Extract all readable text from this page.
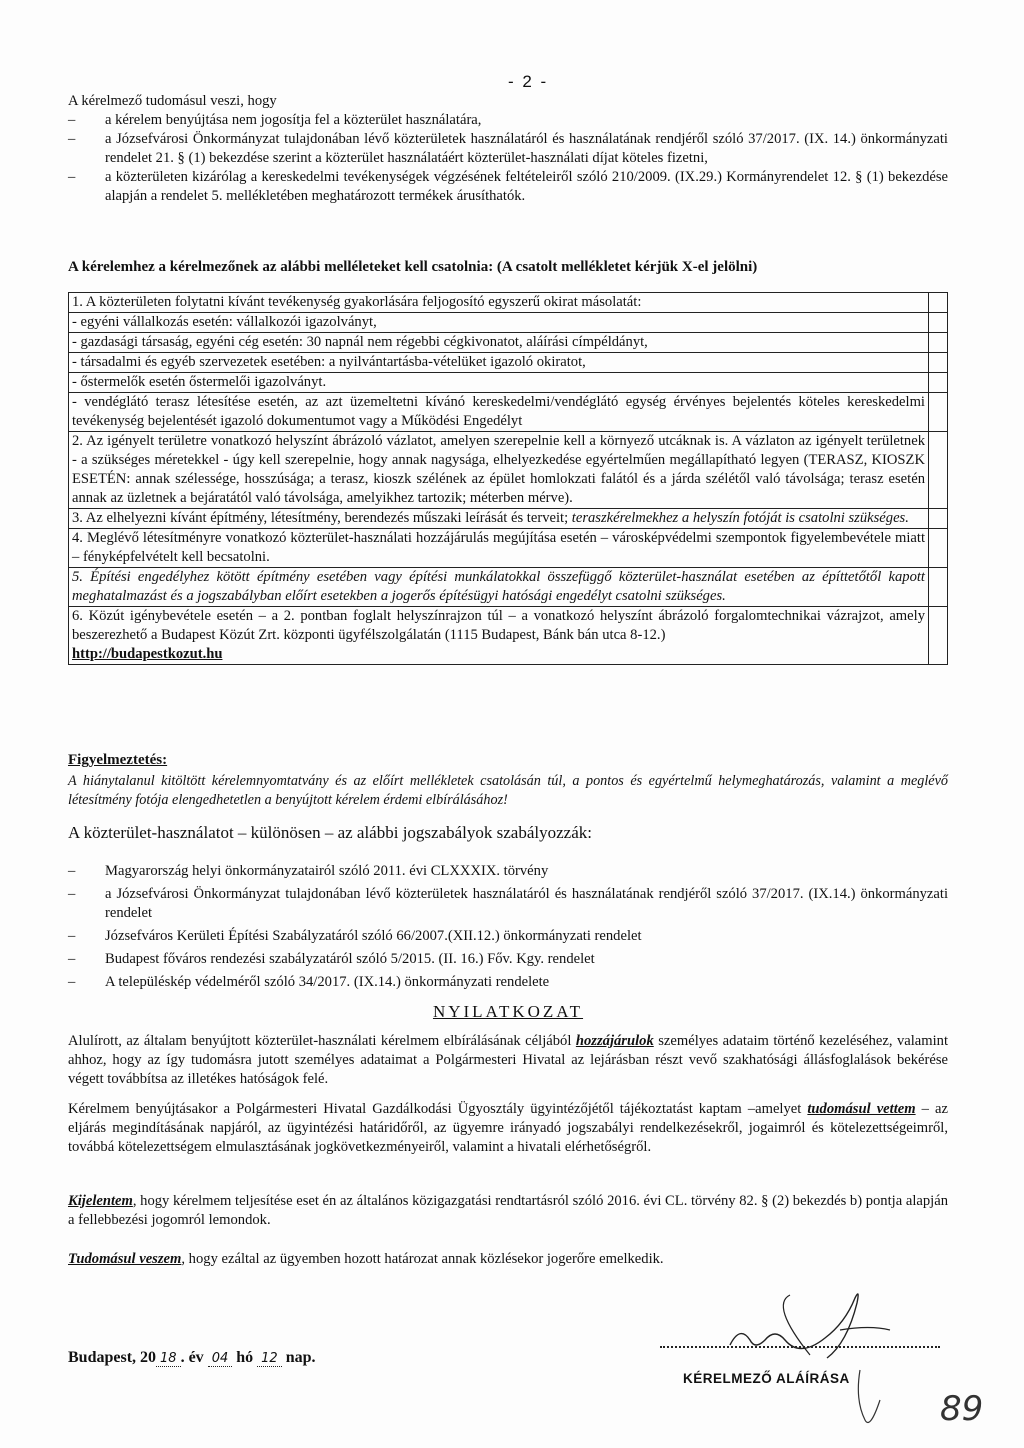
- 2 -
A kérelmező tudomásul veszi, hogy
– a kérelem benyújtása nem jogosítja fel a közterület használatára,
– a Józsefvárosi Önkormányzat tulajdonában lévő közterületek használatáról és használatának rendjéről szóló 37/2017. (IX. 14.) önkormányzati rendelet 21. § (1) bekezdése szerint a közterület használatáért közterület-használati díjat köteles fizetni,
– a közterületen kizárólag a kereskedelmi tevékenységek végzésének feltételeiről szóló 210/2009. (IX.29.) Kormányrendelet 12. § (1) bekezdése alapján a rendelet 5. mellékletében meghatározott termékek árusíthatók.
A kérelemhez a kérelmezőnek az alábbi melléleteket kell csatolnia: (A csatolt mellékletet kérjük X-el jelölni)
1. A közterületen folytatni kívánt tevékenység gyakorlására feljogosító egyszerű okirat másolatát:	
- egyéni vállalkozás esetén: vállalkozói igazolványt,	
- gazdasági társaság, egyéni cég esetén: 30 napnál nem régebbi cégkivonatot, aláírási címpéldányt,	
- társadalmi és egyéb szervezetek esetében: a nyilvántartásba-vételüket igazoló okiratot,	
- őstermelők esetén őstermelői igazolványt.	
- vendéglátó terasz létesítése esetén, az azt üzemeltetni kívánó kereskedelmi/vendéglátó egység érvényes bejelentés köteles kereskedelmi tevékenység bejelentését igazoló dokumentumot vagy a Működési Engedélyt	
2. Az igényelt területre vonatkozó helyszínt ábrázoló vázlatot, amelyen szerepelnie kell a környező utcáknak is. A vázlaton az igényelt területnek - a szükséges méretekkel - úgy kell szerepelnie, hogy annak nagysága, elhelyezkedése egyértelműen megállapítható legyen (TERASZ, KIOSZK ESETÉN: annak szélessége, hosszúsága; a terasz, kioszk szélének az épület homlokzati falától és a járda szélétől való távolsága; terasz esetén annak az üzletnek a bejáratától való távolsága, amelyikhez tartozik; méterben mérve).	
3. Az elhelyezni kívánt építmény, létesítmény, berendezés műszaki leírását és terveit; teraszkérelmekhez a helyszín fotóját is csatolni szükséges.	
4. Meglévő létesítményre vonatkozó közterület-használati hozzájárulás megújítása esetén – városképvédelmi szempontok figyelembevétele miatt – fényképfelvételt kell becsatolni.	
5. Építési engedélyhez kötött építmény esetében vagy építési munkálatokkal összefüggő közterület-használat esetében az építtetőtől kapott meghatalmazást és a jogszabályban előírt esetekben a jogerős építésügyi hatósági engedélyt csatolni szükséges.	
6. Közút igénybevétele esetén – a 2. pontban foglalt helyszínrajzon túl – a vonatkozó helyszínt ábrázoló forgalomtechnikai vázrajzot, amely beszerezhető a Budapest Közút Zrt. központi ügyfélszolgálatán (1115 Budapest, Bánk bán utca 8-12.)
http://budapestkozut.hu	
Figyelmeztetés:
A hiánytalanul kitöltött kérelemnyomtatvány és az előírt mellékletek csatolásán túl, a pontos és egyértelmű helymeghatározás, valamint a meglévő létesítmény fotója elengedhetetlen a benyújtott kérelem érdemi elbírálásához!
A közterület-használatot – különösen – az alábbi jogszabályok szabályozzák:
– Magyarország helyi önkormányzatairól szóló 2011. évi CLXXXIX. törvény
– a Józsefvárosi Önkormányzat tulajdonában lévő közterületek használatáról és használatának rendjéről szóló 37/2017. (IX.14.) önkormányzati rendelet
– Józsefváros Kerületi Építési Szabályzatáról szóló 66/2007.(XII.12.) önkormányzati rendelet
– Budapest főváros rendezési szabályzatáról szóló 5/2015. (II. 16.) Főv. Kgy. rendelet
– A településkép védelméről szóló 34/2017. (IX.14.) önkormányzati rendelete
NYILATKOZAT
Alulírott, az általam benyújtott közterület-használati kérelmem elbírálásának céljából hozzájárulok személyes adataim történő kezeléséhez, valamint ahhoz, hogy az így tudomásra jutott személyes adataimat a Polgármesteri Hivatal az lejárásban részt vevő szakhatósági állásfoglalások bekérése végett továbbítsa az illetékes hatóságok felé.
Kérelmem benyújtásakor a Polgármesteri Hivatal Gazdálkodási Ügyosztály ügyintézőjétől tájékoztatást kaptam –amelyet tudomásul vettem – az eljárás megindításának napjáról, az ügyintézési határidőről, az ügyemre irányadó jogszabályi rendelkezésekről, jogaimról és kötelezettségeimről, továbbá kötelezettségem elmulasztásának jogkövetkezményeiről, valamint a hivatali elérhetőségről.
Kijelentem, hogy kérelmem teljesítése eset én az általános közigazgatási rendtartásról szóló 2016. évi CL. törvény 82. § (2) bekezdés b) pontja alapján a fellebbezési jogomról lemondok.
Tudomásul veszem, hogy ezáltal az ügyemben hozott határozat annak közlésekor jogerőre emelkedik.
Budapest, 20 18 . év 04 hó 12 nap.
KÉRELMEZŐ ALÁÍRÁSA
89
